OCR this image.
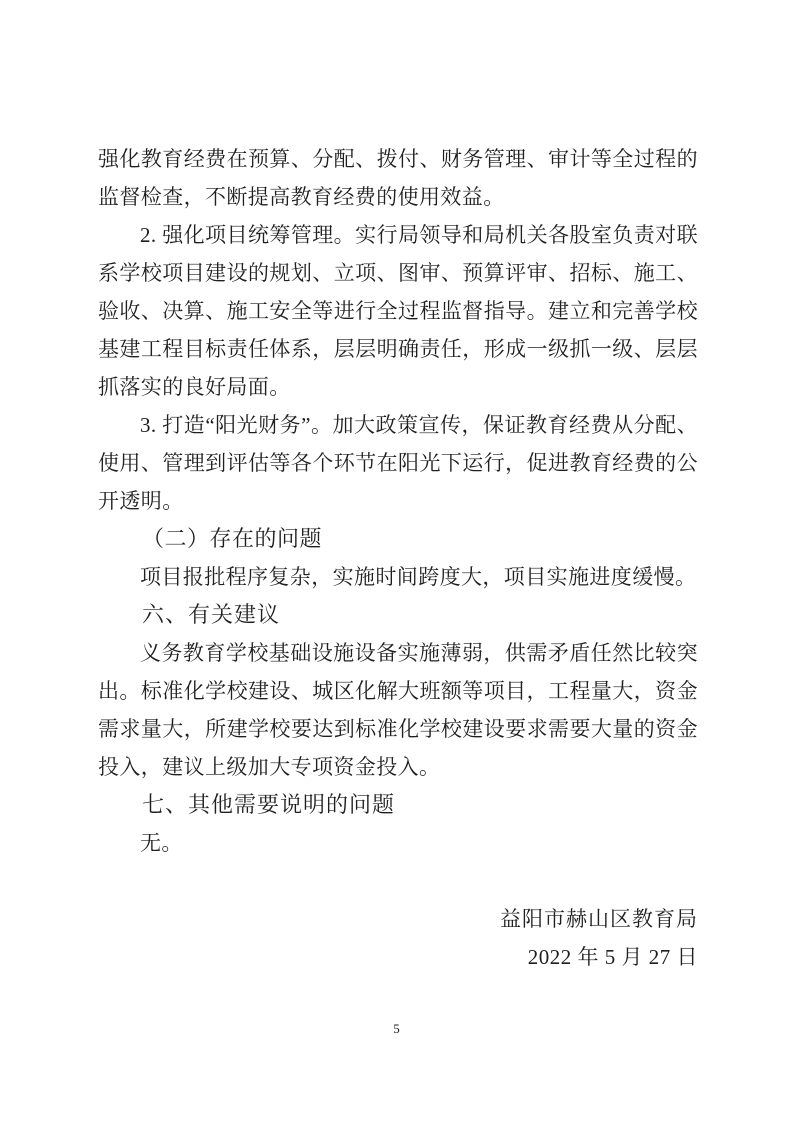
强化教育经费在预算、分配、拨付、财务管理、审计等全过程的监督检查，不断提高教育经费的使用效益。

2. 强化项目统筹管理。实行局领导和局机关各股室负责对联系学校项目建设的规划、立项、图审、预算评审、招标、施工、验收、决算、施工安全等进行全过程监督指导。建立和完善学校基建工程目标责任体系，层层明确责任，形成一级抓一级、层层抓落实的良好局面。

3. 打造“阳光财务”。加大政策宣传，保证教育经费从分配、使用、管理到评估等各个环节在阳光下运行，促进教育经费的公开透明。

（二）存在的问题

项目报批程序复杂，实施时间跨度大，项目实施进度缓慢。

六、有关建议

义务教育学校基础设施设备实施薄弱，供需矛盾任然比较突出。标准化学校建设、城区化解大班额等项目，工程量大，资金需求量大，所建学校要达到标准化学校建设要求需要大量的资金投入，建议上级加大专项资金投入。

七、其他需要说明的问题

无。

益阳市赫山区教育局

2022 年 5 月 27 日

5
